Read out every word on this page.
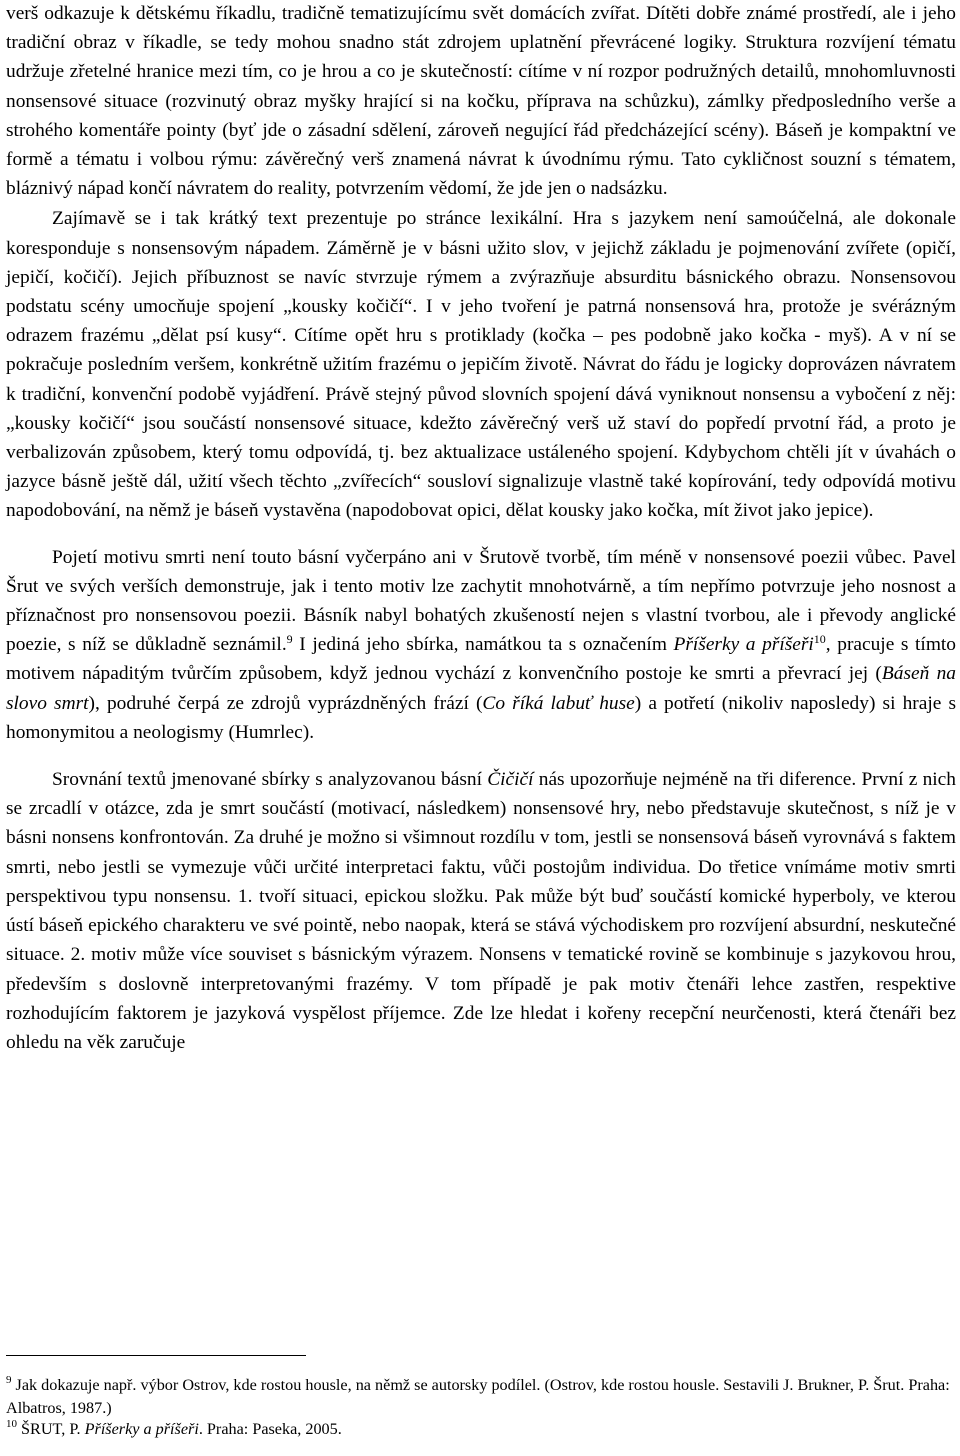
verš odkazuje k dětskému říkadlu, tradičně tematizujícímu svět domácích zvířat. Dítěti dobře známé prostředí, ale i jeho tradiční obraz v říkadle, se tedy mohou snadno stát zdrojem uplatnění převrácené logiky. Struktura rozvíjení tématu udržuje zřetelné hranice mezi tím, co je hrou a co je skutečností: cítíme v ní rozpor podružných detailů, mnohomluvnosti nonsensové situace (rozvinutý obraz myšky hrající si na kočku, příprava na schůzku), zámlky předposledního verše a strohého komentáře pointy (byť jde o zásadní sdělení, zároveň negující řád předcházející scény). Báseň je kompaktní ve formě a tématu i volbou rýmu: závěrečný verš znamená návrat k úvodnímu rýmu. Tato cykličnost souzní s tématem, bláznivý nápad končí návratem do reality, potvrzením vědomí, že jde jen o nadsázku.

Zajímavě se i tak krátký text prezentuje po stránce lexikální. Hra s jazykem není samoúčelná, ale dokonale koresponduje s nonsensovým nápadem. Záměrně je v básni užito slov, v jejichž základu je pojmenování zvířete (opičí, jepičí, kočičí). Jejich příbuznost se navíc stvrzuje rýmem a zvýrazňuje absurditu básnického obrazu. Nonsensovou podstatu scény umocňuje spojení „kousky kočičí“. I v jeho tvoření je patrná nonsensová hra, protože je svérázným odrazem frazému „dělat psí kusy“. Cítíme opět hru s protiklady (kočka – pes podobně jako kočka - myš). A v ní se pokračuje posledním veršem, konkrétně užitím frazému o jepičím životě. Návrat do řádu je logicky doprovázen návratem k tradiční, konvenční podobě vyjádření. Právě stejný původ slovních spojení dává vyniknout nonsensu a vybočení z něj: „kousky kočičí“ jsou součástí nonsensové situace, kdežto závěrečný verš už staví do popředí prvotní řád, a proto je verbalizován způsobem, který tomu odpovídá, tj. bez aktualizace ustáleného spojení. Kdybychom chtěli jít v úvahách o jazyce básně ještě dál, užití všech těchto „zvířecích“ sousloví signalizuje vlastně také kopírování, tedy odpovídá motivu napodobování, na němž je báseň vystavěna (napodobovat opici, dělat kousky jako kočka, mít život jako jepice).

Pojetí motivu smrti není touto básní vyčerpáno ani v Šrutově tvorbě, tím méně v nonsensové poezii vůbec. Pavel Šrut ve svých verších demonstruje, jak i tento motiv lze zachytit mnohotvárně, a tím nepřímo potvrzuje jeho nosnost a příznačnost pro nonsensovou poezii. Básník nabyl bohatých zkušeností nejen s vlastní tvorbou, ale i převody anglické poezie, s níž se důkladně seznámil.$^9$ I jediná jeho sbírka, namátkou ta s označením Příšerky a příšeři$^{10}$, pracuje s tímto motivem nápaditým tvůrčím způsobem, když jednou vychází z konvenčního postoje ke smrti a převrací jej (Báseň na slovo smrt), podruhé čerpá ze zdrojů vyprázdněných frází (Co říká labuť huse) a potřetí (nikoliv naposledy) si hraje s homonymitou a neologismy (Humrlec).

Srovnání textů jmenované sbírky s analyzovanou básní Čičičí nás upozorňuje nejméně na tři diference. První z nich se zrcadlí v otázce, zda je smrt součástí (motivací, následkem) nonsensové hry, nebo představuje skutečnost, s níž je v básni nonsens konfrontován. Za druhé je možno si všimnout rozdílu v tom, jestli se nonsensová báseň vyrovnává s faktem smrti, nebo jestli se vymezuje vůči určité interpretaci faktu, vůči postojům individua. Do třetice vnímáme motiv smrti perspektivou typu nonsensu. 1. tvoří situaci, epickou složku. Pak může být buď součástí komické hyperboly, ve kterou ústí báseň epického charakteru ve své pointě, nebo naopak, která se stává východiskem pro rozvíjení absurdní, neskutečné situace. 2. motiv může více souviset s básnickým výrazem. Nonsens v tematické rovině se kombinuje s jazykovou hrou, především s doslovně interpretovanými frazémy. V tom případě je pak motiv čtenáři lehce zastřen, respektive rozhodujícím faktorem je jazyková vyspělost příjemce. Zde lze hledat i kořeny recepční neurčenosti, která čtenáři bez ohledu na věk zaručuje

$^9$ Jak dokazuje např. výbor Ostrov, kde rostou housle, na němž se autorsky podílel. (Ostrov, kde rostou housle. Sestavili J. Brukner, P. Šrut. Praha: Albatros, 1987.)

$^{10}$ ŠRUT, P. Příšerky a příšeři. Praha: Paseka, 2005.
